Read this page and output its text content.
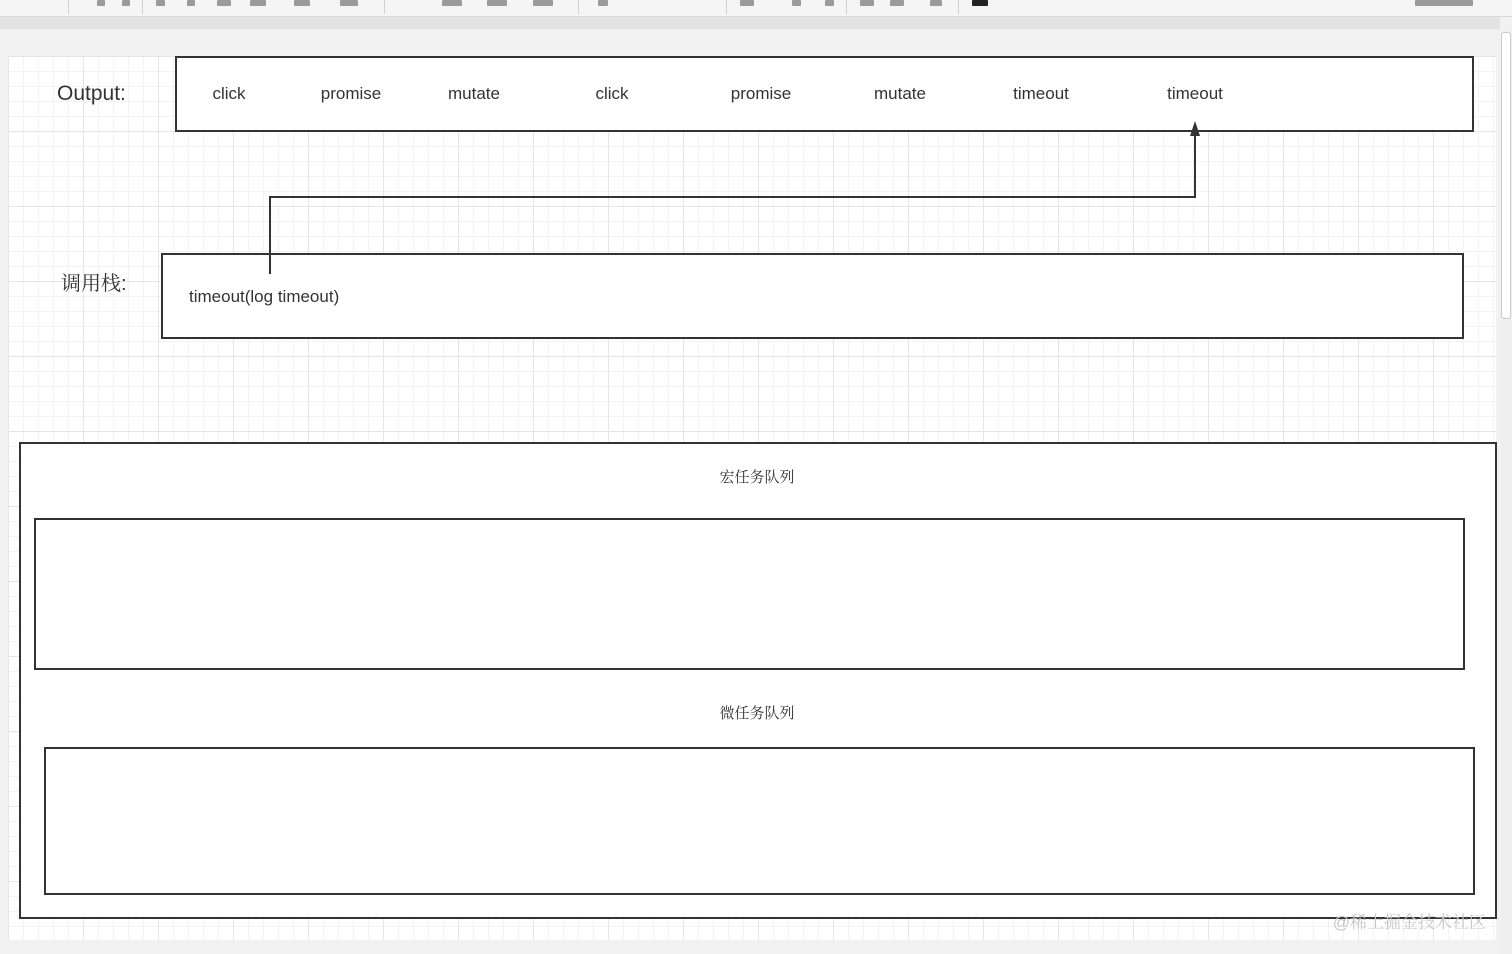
Output:	click	promise	mutate	click	promise	mutate	timeout	timeout
调用栈:
timeout(log timeout)
宏任务队列
微任务队列
@稀土掘金技术社区
